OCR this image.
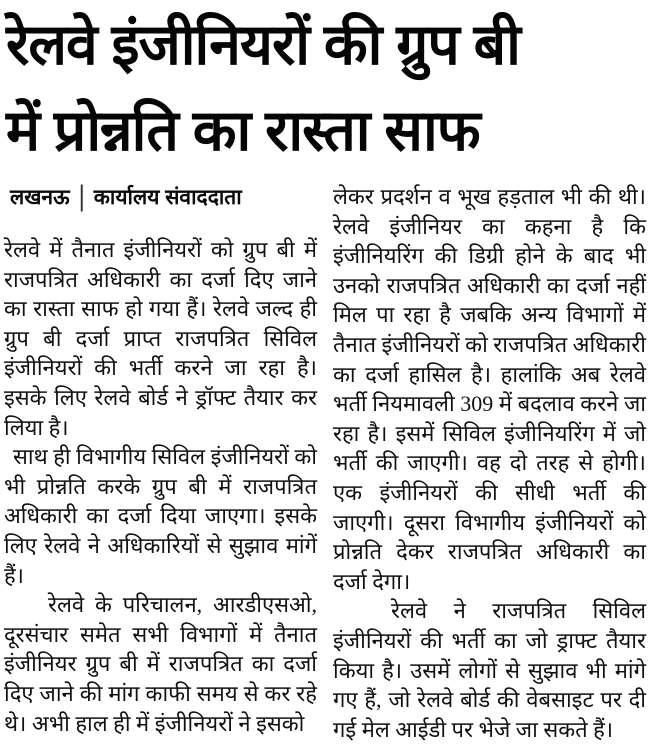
रेलवे इंजीनियरों की ग्रुप बी
में प्रोन्नति का रास्ता साफ
लखनऊ | कार्यालय संवाददाता

रेलवे में तैनात इंजीनियरों को ग्रुप बी में राजपत्रित अधिकारी का दर्जा दिए जाने का रास्ता साफ हो गया हैं। रेलवे जल्द ही ग्रुप बी दर्जा प्राप्त राजपत्रित सिविल इंजीनियरों की भर्ती करने जा रहा है। इसके लिए रेलवे बोर्ड ने ड्रॉफ्ट तैयार कर लिया है।

साथ ही विभागीय सिविल इंजीनियरों को भी प्रोन्नति करके ग्रुप बी में राजपत्रित अधिकारी का दर्जा दिया जाएगा। इसके लिए रेलवे ने अधिकारियों से सुझाव मांगें हैं।

रेलवे के परिचालन, आरडीएसओ, दूरसंचार समेत सभी विभागों में तैनात इंजीनियर ग्रुप बी में राजपत्रित का दर्जा दिए जाने की मांग काफी समय से कर रहे थे। अभी हाल ही में इंजीनियरों ने इसको

लेकर प्रदर्शन व भूख हड़ताल भी की थी। रेलवे इंजीनियर का कहना है कि इंजीनियरिंग की डिग्री होने के बाद भी उनको राजपत्रित अधिकारी का दर्जा नहीं मिल पा रहा है जबकि अन्य विभागों में तैनात इंजीनियरों को राजपत्रित अधिकारी का दर्जा हासिल है। हालांकि अब रेलवे भर्ती नियमावली 309 में बदलाव करने जा रहा है। इसमें सिविल इंजीनियरिंग में जो भर्ती की जाएगी। वह दो तरह से होगी। एक इंजीनियरों की सीधी भर्ती की जाएगी। दूसरा विभागीय इंजीनियरों को प्रोन्नति देकर राजपत्रित अधिकारी का दर्जा देगा।

रेलवे ने राजपत्रित सिविल इंजीनियरों की भर्ती का जो ड्राफ्ट तैयार किया है। उसमें लोगों से सुझाव भी मांगे गए हैं, जो रेलवे बोर्ड की वेबसाइट पर दी गई मेल आईडी पर भेजे जा सकते हैं।
